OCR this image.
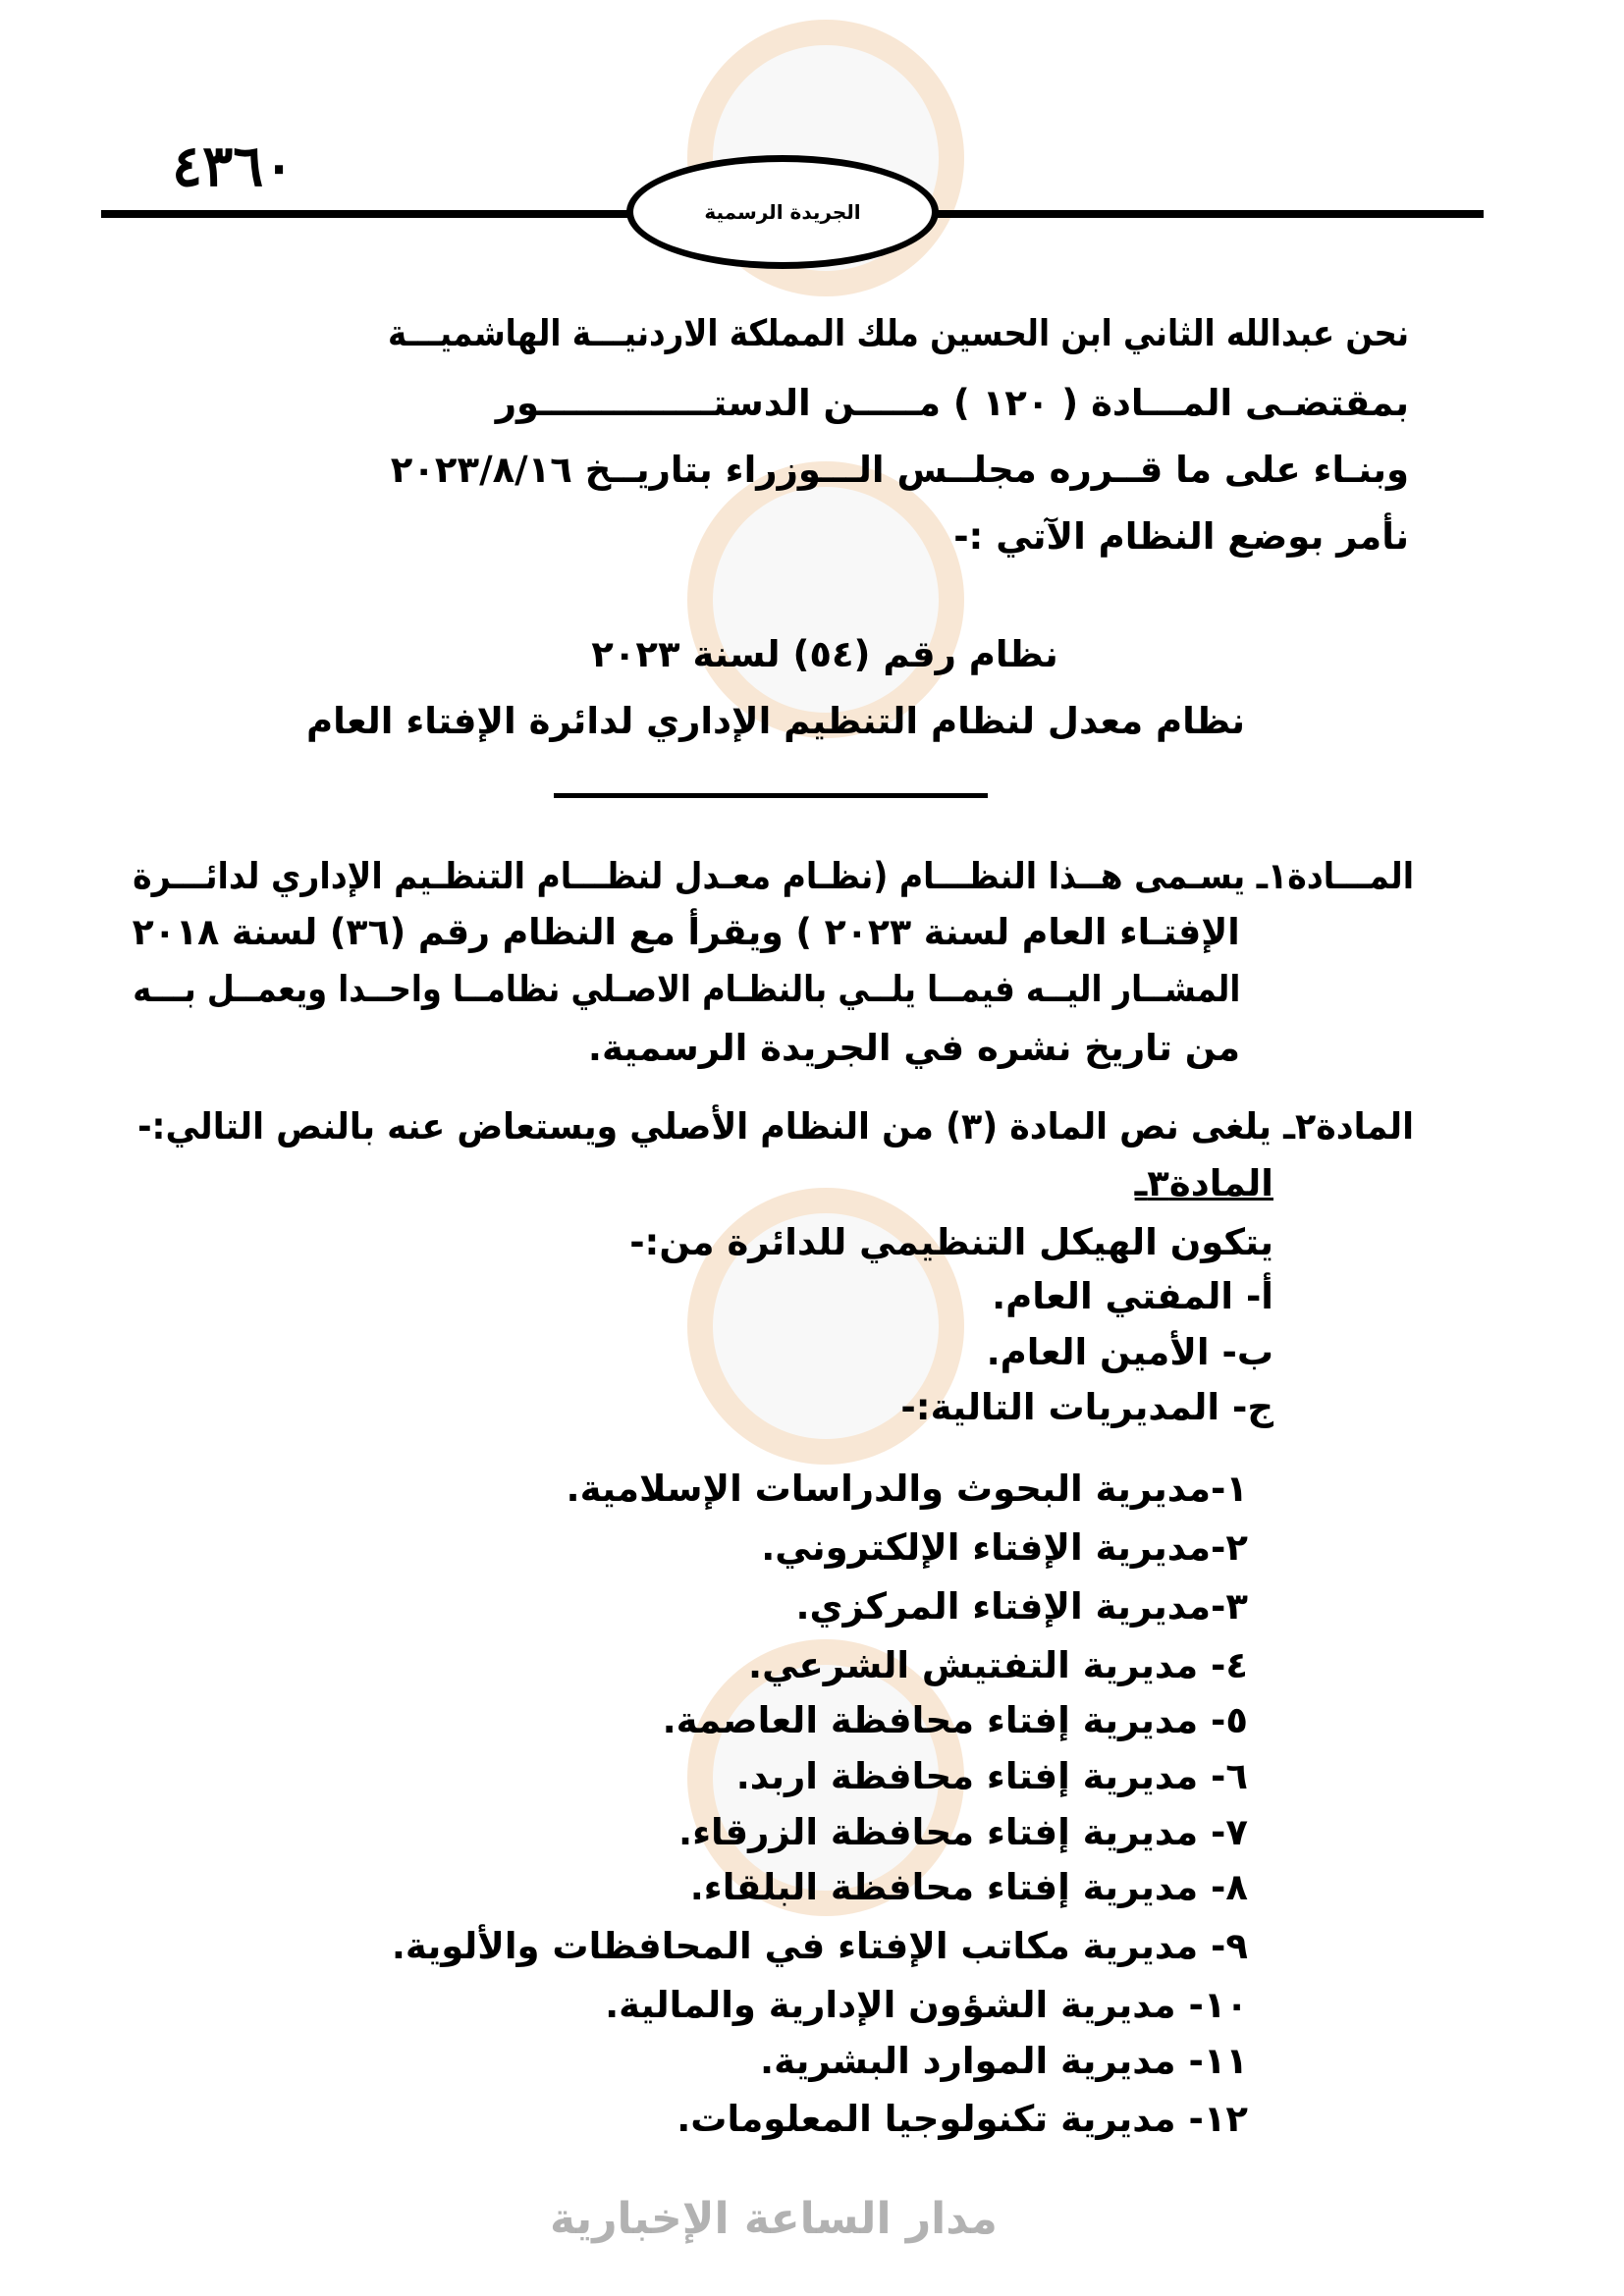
مدار الساعة الإخبارية
٤٣٦٠
الجريدة الرسمية
نحن عبدالله الثاني ابن الحسين ملك المملكة الاردنيـــة الهاشميـــة
بمقتضـى المـــادة ( ١٢٠ ) مـــــن الدستــــــــــــــور
وبنـاء على ما قــرره مجلــس الـــوزراء بتاريــخ ٢٠٢٣/٨/١٦
نأمر بوضع النظام الآتي :-
نظام رقم (٥٤) لسنة ٢٠٢٣
نظام معدل لنظام التنظيم الإداري لدائرة الإفتاء العام
المـــادة١ـ يسـمى هــذا النظـــام (نظـام معـدل لنظـــام التنظـيم الإداري لدائـــرة
الإفتـاء العام لسنة ٢٠٢٣ ) ويقرأ مع النظام رقم (٣٦) لسنة ٢٠١٨
المشــار اليــه فيمــا يلــي بالنظـام الاصـلي نظامــا واحــدا ويعمــل بـــه
من تاريخ نشره في الجريدة الرسمية.
المادة٢ـ يلغى نص المادة (٣) من النظام الأصلي ويستعاض عنه بالنص التالي:-
المادة٣ـ
يتكون الهيكل التنظيمي للدائرة من:-
أ- المفتي العام.
ب- الأمين العام.
ج- المديريات التالية:-
١-مديرية البحوث والدراسات الإسلامية.
٢-مديرية الإفتاء الإلكتروني.
٣-مديرية الإفتاء المركزي.
٤- مديرية التفتيش الشرعي.
٥- مديرية إفتاء محافظة العاصمة.
٦- مديرية إفتاء محافظة اربد.
٧- مديرية إفتاء محافظة الزرقاء.
٨- مديرية إفتاء محافظة البلقاء.
٩- مديرية مكاتب الإفتاء في المحافظات والألوية.
١٠- مديرية الشؤون الإدارية والمالية.
١١- مديرية الموارد البشرية.
١٢- مديرية تكنولوجيا المعلومات.
